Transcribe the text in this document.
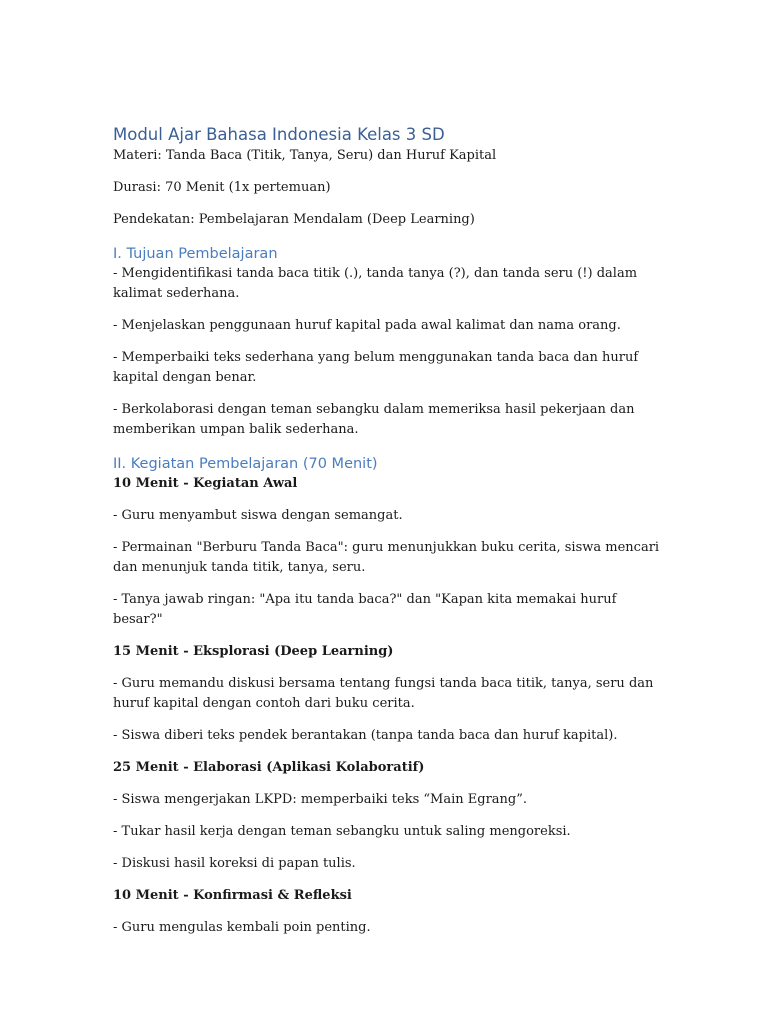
Modul Ajar Bahasa Indonesia Kelas 3 SD

Materi: Tanda Baca (Titik, Tanya, Seru) dan Huruf Kapital

Durasi: 70 Menit (1x pertemuan)

Pendekatan: Pembelajaran Mendalam (Deep Learning)

I. Tujuan Pembelajaran

- Mengidentifikasi tanda baca titik (.), tanda tanya (?), dan tanda seru (!) dalam kalimat sederhana.

- Menjelaskan penggunaan huruf kapital pada awal kalimat dan nama orang.

- Memperbaiki teks sederhana yang belum menggunakan tanda baca dan huruf kapital dengan benar.

- Berkolaborasi dengan teman sebangku dalam memeriksa hasil pekerjaan dan memberikan umpan balik sederhana.

II. Kegiatan Pembelajaran (70 Menit)

10 Menit - Kegiatan Awal

- Guru menyambut siswa dengan semangat.

- Permainan "Berburu Tanda Baca": guru menunjukkan buku cerita, siswa mencari dan menunjuk tanda titik, tanya, seru.

- Tanya jawab ringan: "Apa itu tanda baca?" dan "Kapan kita memakai huruf besar?"

15 Menit - Eksplorasi (Deep Learning)

- Guru memandu diskusi bersama tentang fungsi tanda baca titik, tanya, seru dan huruf kapital dengan contoh dari buku cerita.

- Siswa diberi teks pendek berantakan (tanpa tanda baca dan huruf kapital).

25 Menit - Elaborasi (Aplikasi Kolaboratif)

- Siswa mengerjakan LKPD: memperbaiki teks “Main Egrang”.

- Tukar hasil kerja dengan teman sebangku untuk saling mengoreksi.

- Diskusi hasil koreksi di papan tulis.

10 Menit - Konfirmasi & Refleksi

- Guru mengulas kembali poin penting.
